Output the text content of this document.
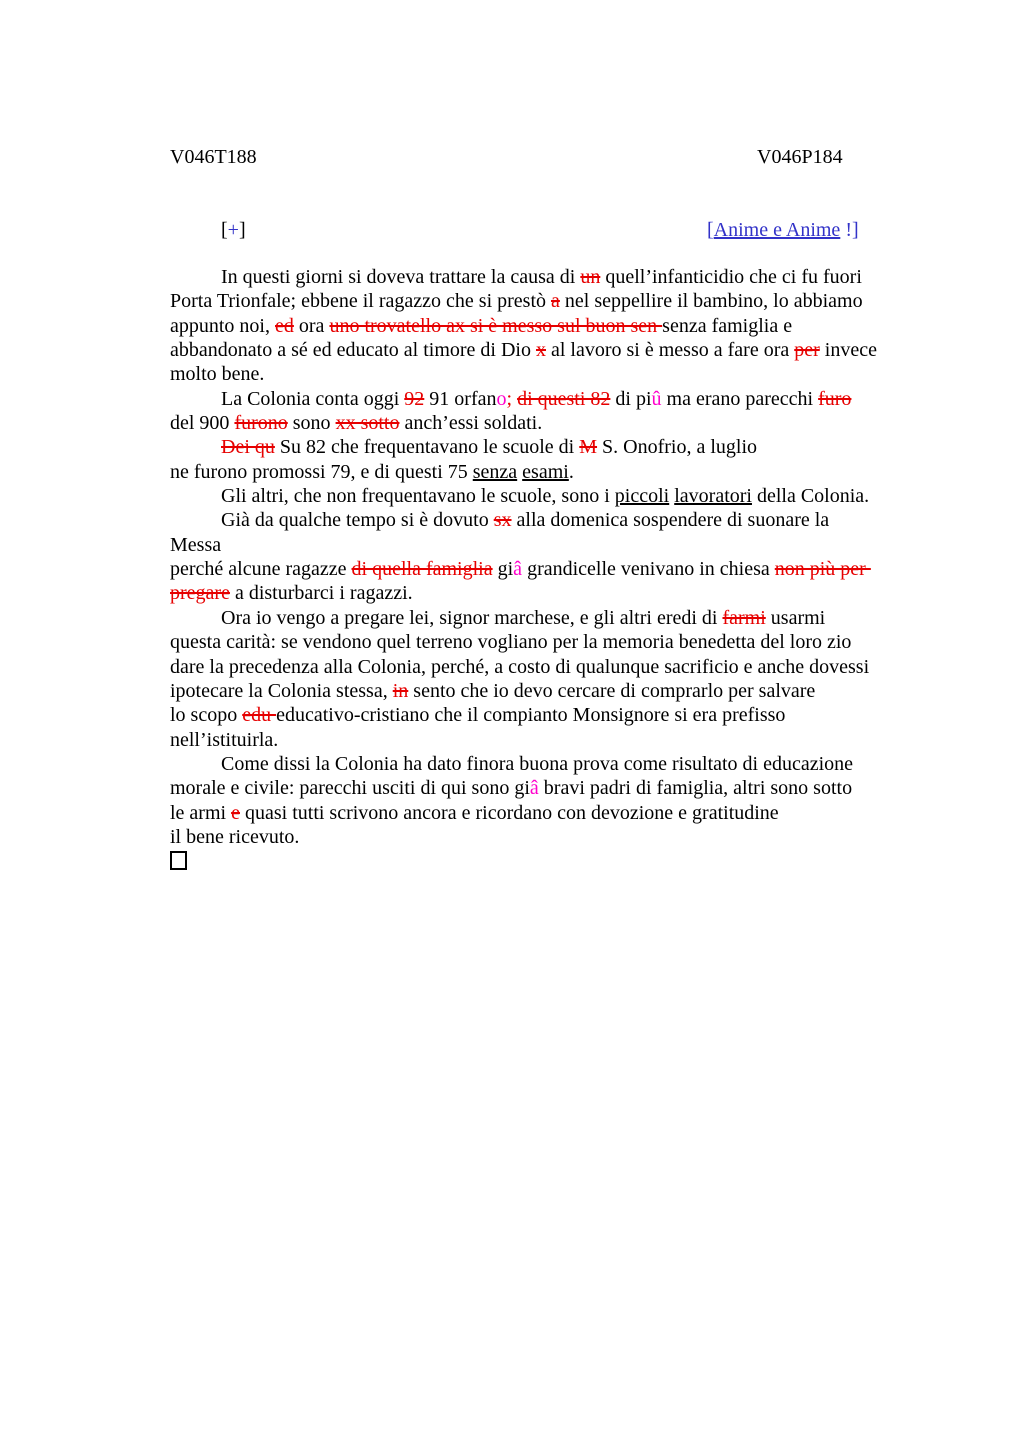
V046T188	V046P184
[+]	[Anime e Anime !]
In questi giorni si doveva trattare la causa di un quell’infanticidio che ci fu fuori
Porta Trionfale; ebbene il ragazzo che si prestò a nel seppellire il bambino, lo abbiamo
appunto noi, ed ora uno trovatello ax si è messo sul buon sen senza famiglia e
abbandonato a sé ed educato al timore di Dio x al lavoro si è messo a fare ora per invece
molto bene.
La Colonia conta oggi 92 91 orfano; di questi 82 di piû ma erano parecchi furo
del 900 furono sono xx sotto anch’essi soldati.
Dei qu Su 82 che frequentavano le scuole di M S. Onofrio, a luglio
ne furono promossi 79, e di questi 75 senza esami.
Gli altri, che non frequentavano le scuole, sono i piccoli lavoratori della Colonia.
Già da qualche tempo si è dovuto sx alla domenica sospendere di suonare la
Messa
perché alcune ragazze di quella famiglia giâ grandicelle venivano in chiesa non più per
pregare a disturbarci i ragazzi.
Ora io vengo a pregare lei, signor marchese, e gli altri eredi di farmi usarmi
questa carità: se vendono quel terreno vogliano per la memoria benedetta del loro zio
dare la precedenza alla Colonia, perché, a costo di qualunque sacrificio e anche dovessi
ipotecare la Colonia stessa, in sento che io devo cercare di comprarlo per salvare
lo scopo edu educativo-cristiano che il compianto Monsignore si era prefisso
nell’istituirla.
Come dissi la Colonia ha dato finora buona prova come risultato di educazione
morale e civile: parecchi usciti di qui sono giâ bravi padri di famiglia, altri sono sotto
le armi e quasi tutti scrivono ancora e ricordano con devozione e gratitudine
il bene ricevuto.
